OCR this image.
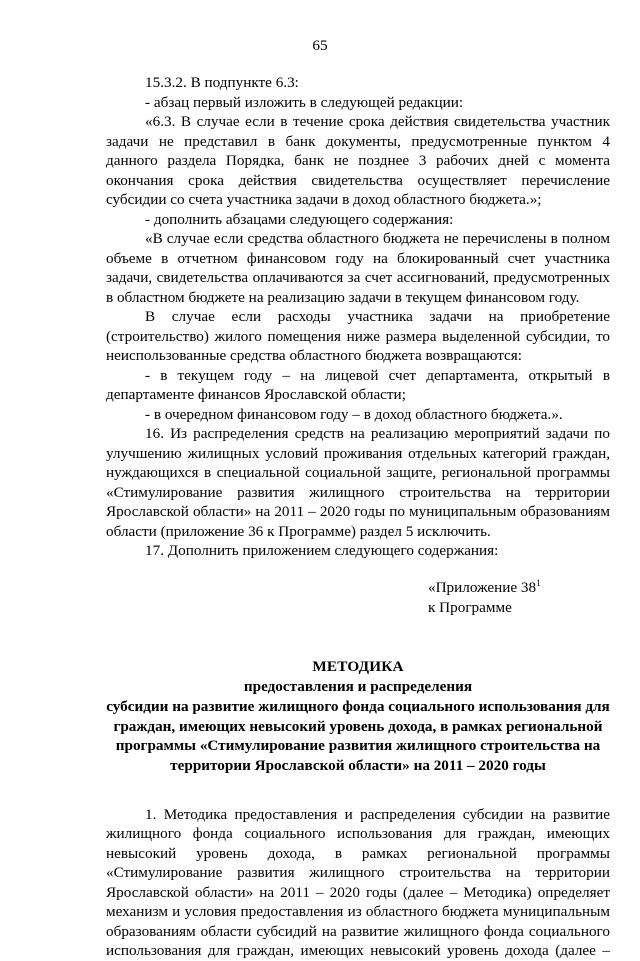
65

15.3.2. В подпункте 6.3:

- абзац первый изложить в следующей редакции:

«6.3. В случае если в течение срока действия свидетельства участник задачи не представил в банк документы, предусмотренные пунктом 4 данного раздела Порядка, банк не позднее 3 рабочих дней с момента окончания срока действия свидетельства осуществляет перечисление субсидии со счета участника задачи в доход областного бюджета.»;

- дополнить абзацами следующего содержания:

«В случае если средства областного бюджета не перечислены в полном объеме в отчетном финансовом году на блокированный счет участника задачи, свидетельства оплачиваются за счет ассигнований, предусмотренных в областном бюджете на реализацию задачи в текущем финансовом году.

В случае если расходы участника задачи на приобретение (строительство) жилого помещения ниже размера выделенной субсидии, то неиспользованные средства областного бюджета возвращаются:

- в текущем году – на лицевой счет департамента, открытый в департаменте финансов Ярославской области;

- в очередном финансовом году – в доход областного бюджета.».

16. Из распределения средств на реализацию мероприятий задачи по улучшению жилищных условий проживания отдельных категорий граждан, нуждающихся в специальной социальной защите, региональной программы «Стимулирование развития жилищного строительства на территории Ярославской области» на 2011 – 2020 годы по муниципальным образованиям области (приложение 36 к Программе) раздел 5 исключить.

17. Дополнить приложением следующего содержания:

«Приложение $38^1$
к Программе
МЕТОДИКА
предоставления и распределения
субсидии на развитие жилищного фонда социального использования для
граждан, имеющих невысокий уровень дохода, в рамках региональной
программы «Стимулирование развития жилищного строительства на
территории Ярославской области» на 2011 – 2020 годы

1. Методика предоставления и распределения субсидии на развитие жилищного фонда социального использования для граждан, имеющих невысокий уровень дохода, в рамках региональной программы «Стимулирование развития жилищного строительства на территории Ярославской области» на 2011 – 2020 годы (далее – Методика) определяет механизм и условия предоставления из областного бюджета муниципальным образованиям области субсидий на развитие жилищного фонда социального использования для граждан, имеющих невысокий уровень дохода (далее –
